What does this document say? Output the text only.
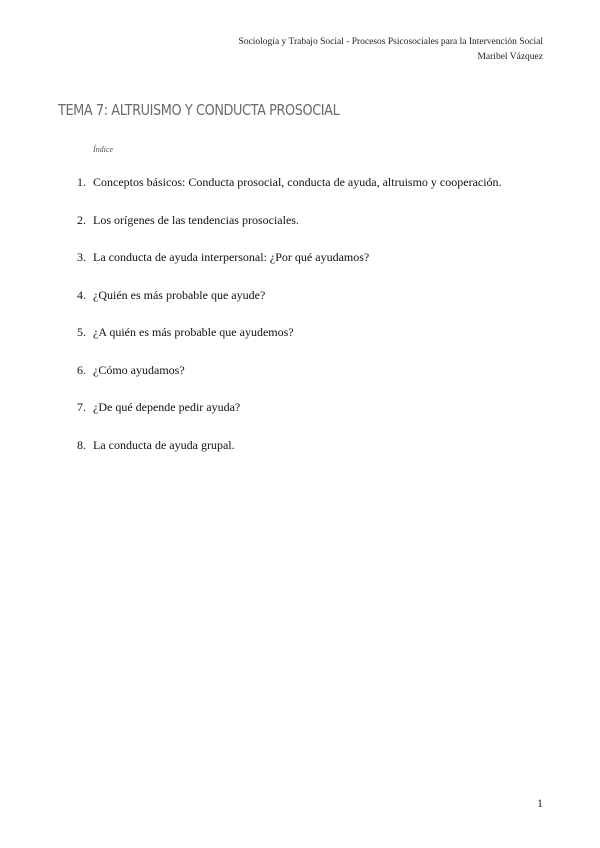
Sociología y Trabajo Social - Procesos Psicosociales para la Intervención Social
Maribel Vázquez
TEMA 7: ALTRUISMO Y CONDUCTA PROSOCIAL
Índice
1. Conceptos básicos: Conducta prosocial, conducta de ayuda, altruismo y cooperación.
2. Los orígenes de las tendencias prosociales.
3. La conducta de ayuda interpersonal: ¿Por qué ayudamos?
4. ¿Quién es más probable que ayude?
5. ¿A quién es más probable que ayudemos?
6. ¿Cómo ayudamos?
7. ¿De qué depende pedir ayuda?
8. La conducta de ayuda grupal.
1
